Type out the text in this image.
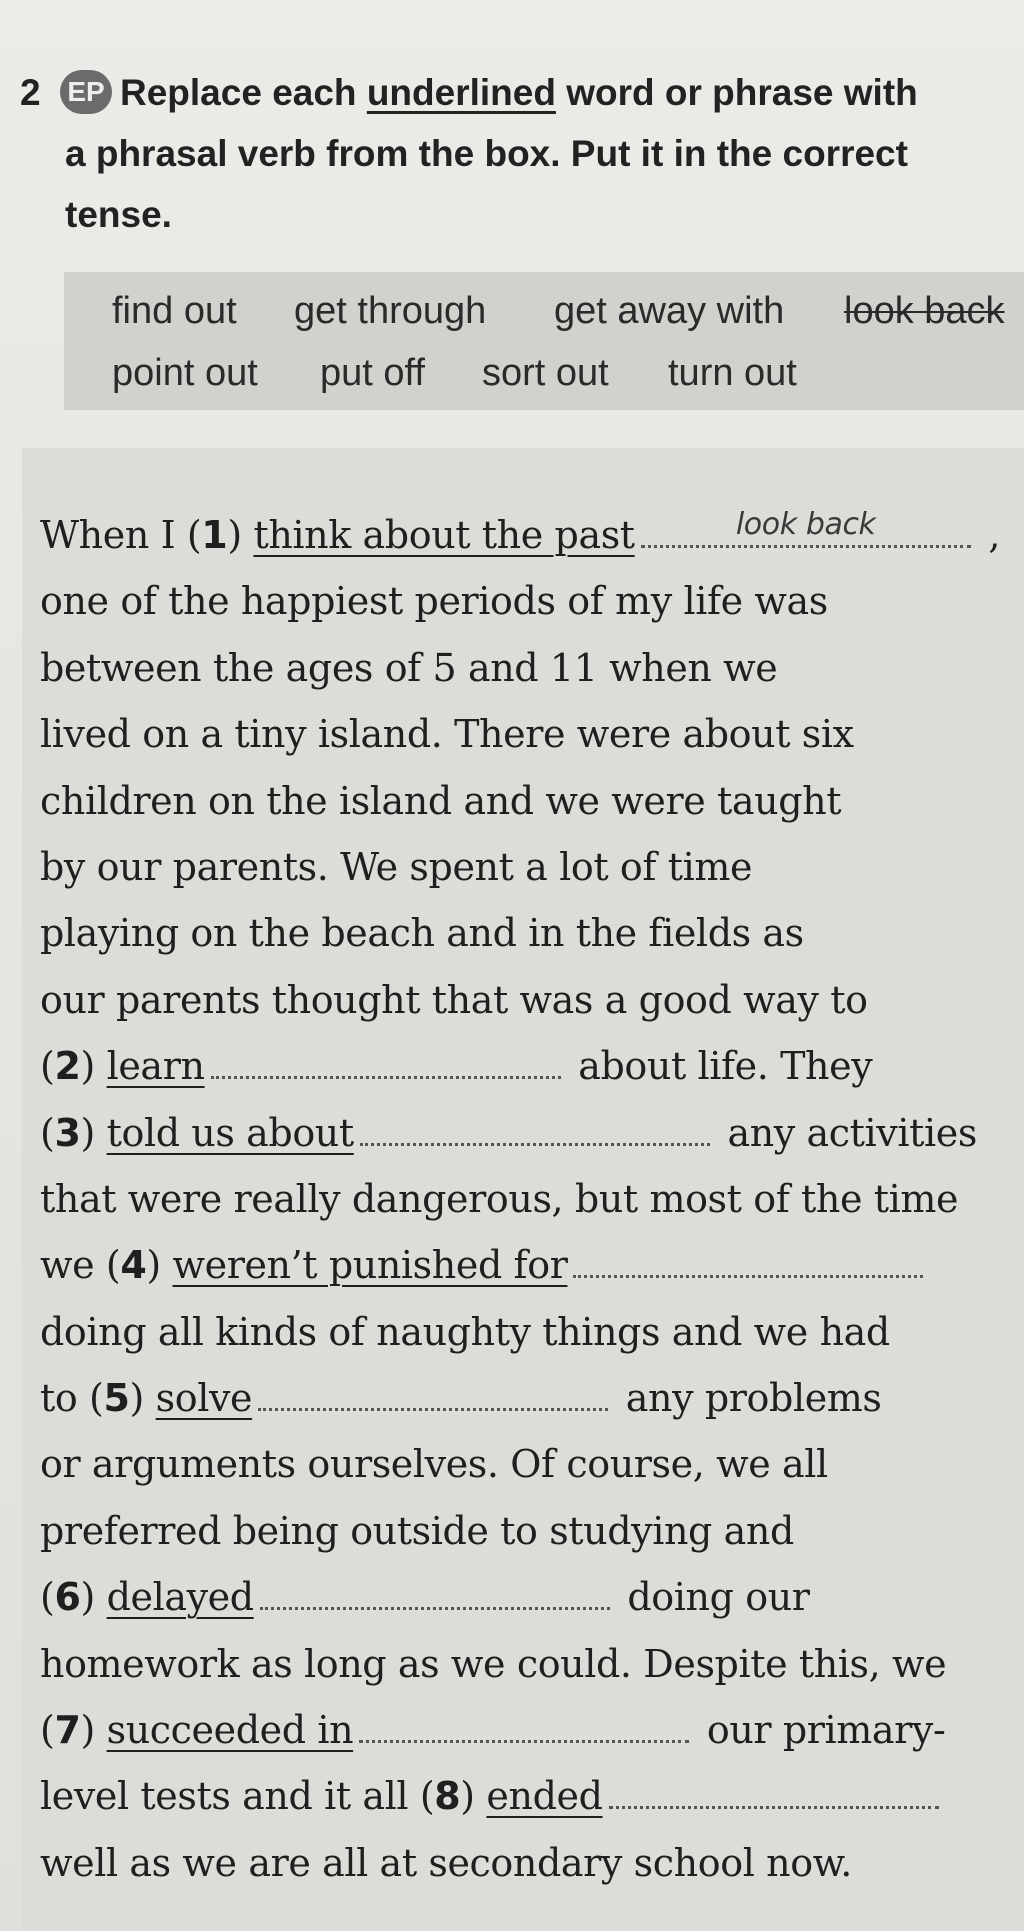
2 EP Replace each underlined word or phrase with
a phrasal verb from the box. Put it in the correct
tense.
find out get through get away with look back
point out put off sort out turn out
When I (1) think about the past	look back	,
one of the happiest periods of my life was
between the ages of 5 and 11 when we
lived on a tiny island. There were about six
children on the island and we were taught
by our parents. We spent a lot of time
playing on the beach and in the fields as
our parents thought that was a good way to
(2) learn	about life. They
(3) told us about	any activities
that were really dangerous, but most of the time
we (4) weren’t punished for
doing all kinds of naughty things and we had
to (5) solve	any problems
or arguments ourselves. Of course, we all
preferred being outside to studying and
(6) delayed	doing our
homework as long as we could. Despite this, we
(7) succeeded in	our primary-
level tests and it all (8) ended
well as we are all at secondary school now.
